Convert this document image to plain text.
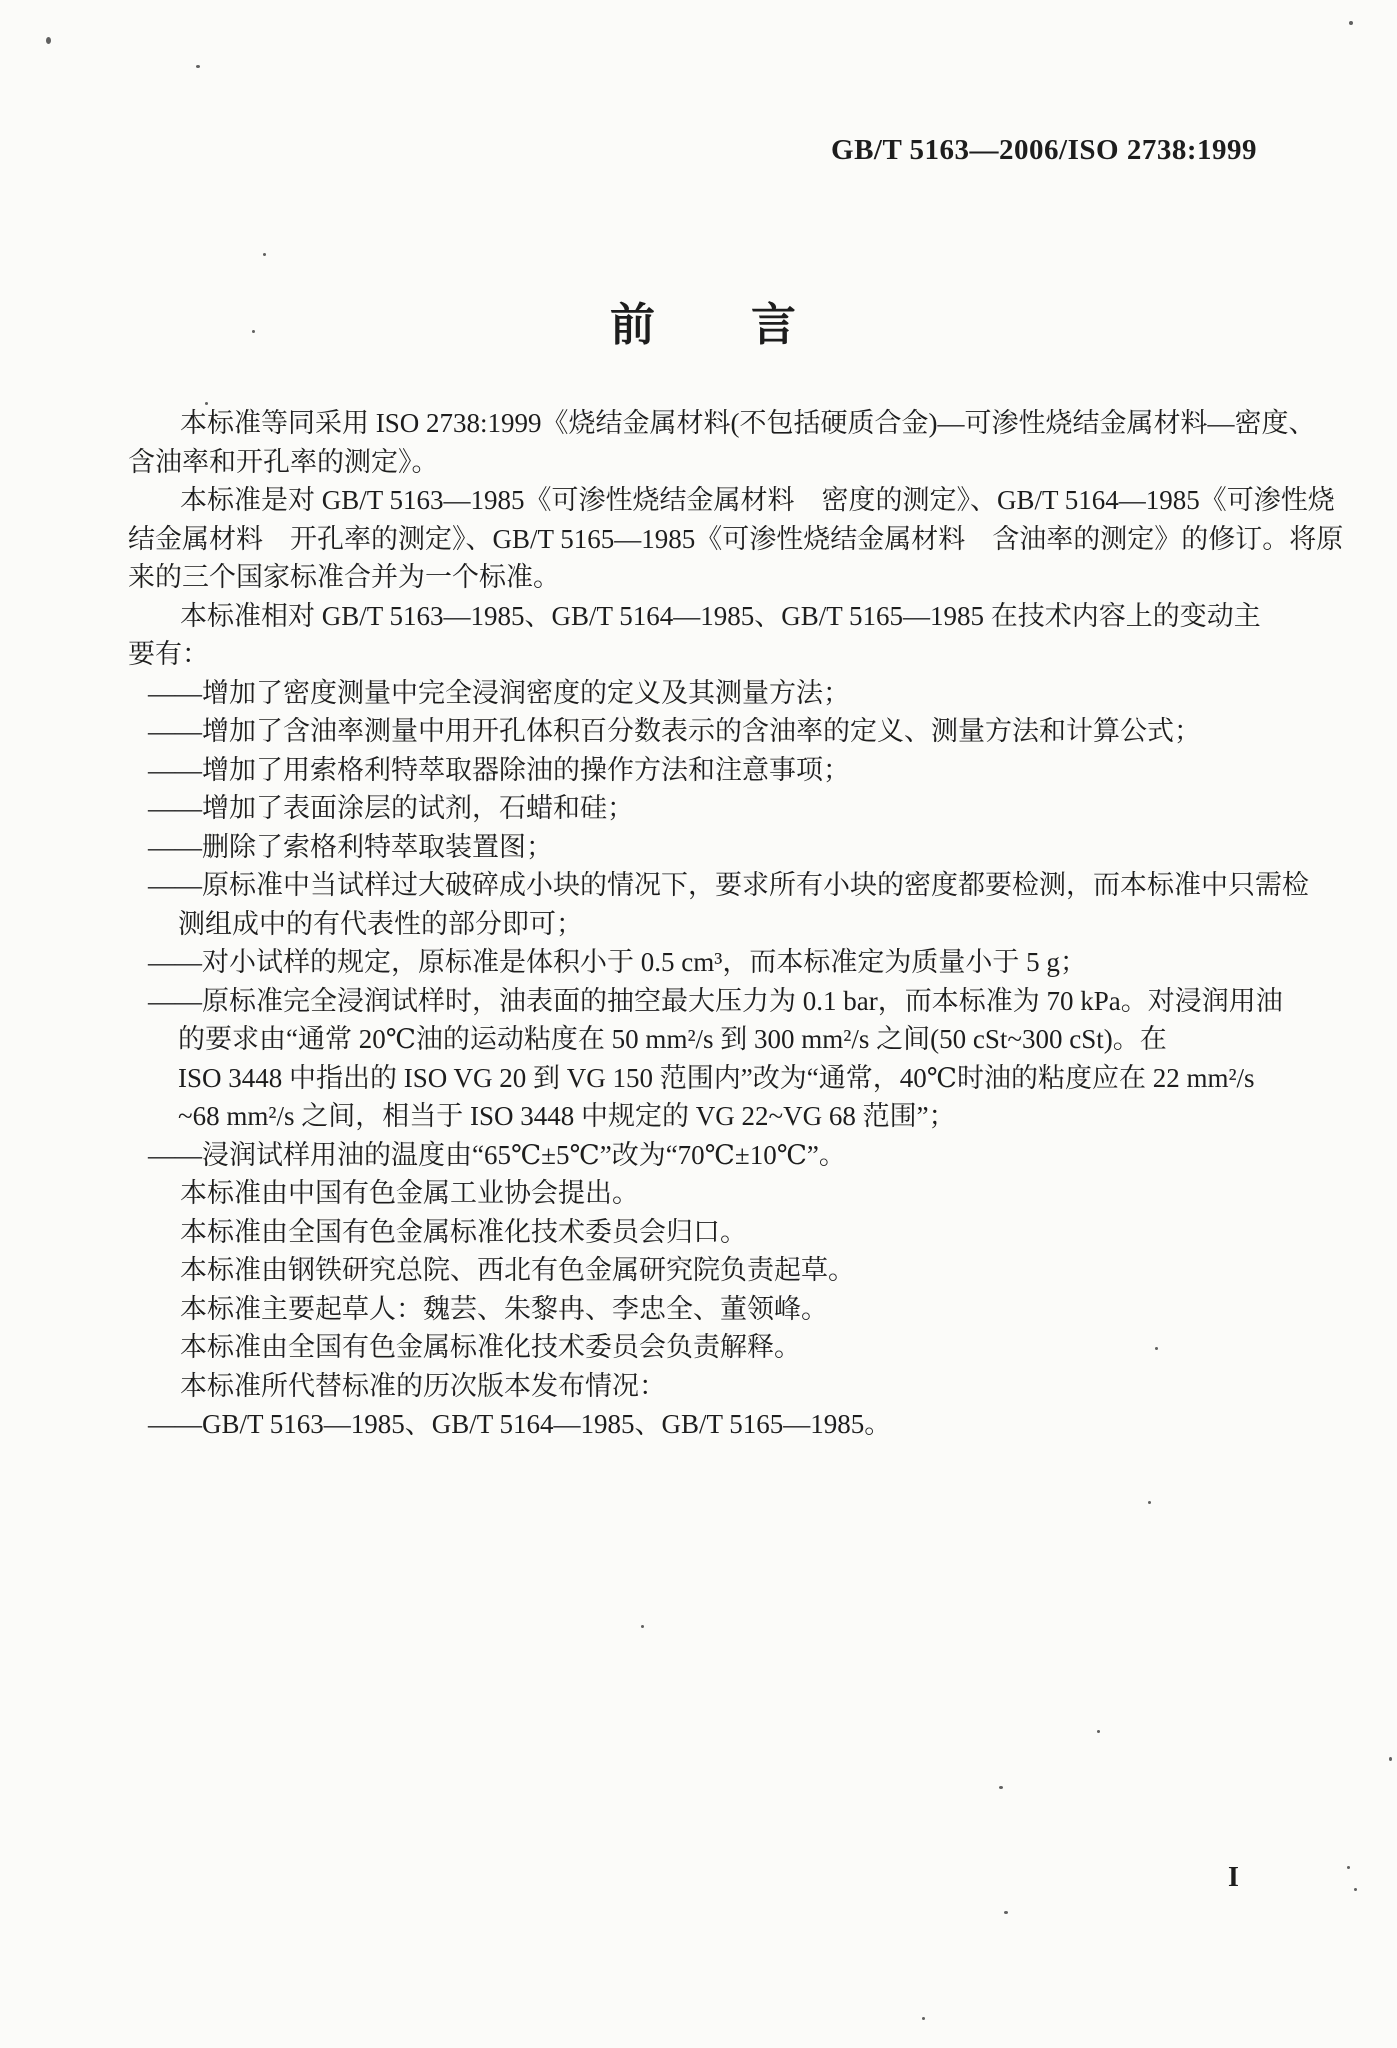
GB/T 5163—2006/ISO 2738:1999
前　　言
本标准等同采用 ISO 2738:1999《烧结金属材料(不包括硬质合金)—可渗性烧结金属材料—密度、
含油率和开孔率的测定》。
本标准是对 GB/T 5163—1985《可渗性烧结金属材料　密度的测定》、GB/T 5164—1985《可渗性烧
结金属材料　开孔率的测定》、GB/T 5165—1985《可渗性烧结金属材料　含油率的测定》的修订。将原
来的三个国家标准合并为一个标准。
本标准相对 GB/T 5163—1985、GB/T 5164—1985、GB/T 5165—1985 在技术内容上的变动主
要有：
——增加了密度测量中完全浸润密度的定义及其测量方法；
——增加了含油率测量中用开孔体积百分数表示的含油率的定义、测量方法和计算公式；
——增加了用索格利特萃取器除油的操作方法和注意事项；
——增加了表面涂层的试剂，石蜡和硅；
——删除了索格利特萃取装置图；
——原标准中当试样过大破碎成小块的情况下，要求所有小块的密度都要检测，而本标准中只需检
测组成中的有代表性的部分即可；
——对小试样的规定，原标准是体积小于 0.5 cm³，而本标准定为质量小于 5 g；
——原标准完全浸润试样时，油表面的抽空最大压力为 0.1 bar，而本标准为 70 kPa。对浸润用油
的要求由“通常 20℃油的运动粘度在 50 mm²/s 到 300 mm²/s 之间(50 cSt~300 cSt)。在
ISO 3448 中指出的 ISO VG 20 到 VG 150 范围内”改为“通常，40℃时油的粘度应在 22 mm²/s
~68 mm²/s 之间，相当于 ISO 3448 中规定的 VG 22~VG 68 范围”；
——浸润试样用油的温度由“65℃±5℃”改为“70℃±10℃”。
本标准由中国有色金属工业协会提出。
本标准由全国有色金属标准化技术委员会归口。
本标准由钢铁研究总院、西北有色金属研究院负责起草。
本标准主要起草人：魏芸、朱黎冉、李忠全、董领峰。
本标准由全国有色金属标准化技术委员会负责解释。
本标准所代替标准的历次版本发布情况：
——GB/T 5163—1985、GB/T 5164—1985、GB/T 5165—1985。
I
